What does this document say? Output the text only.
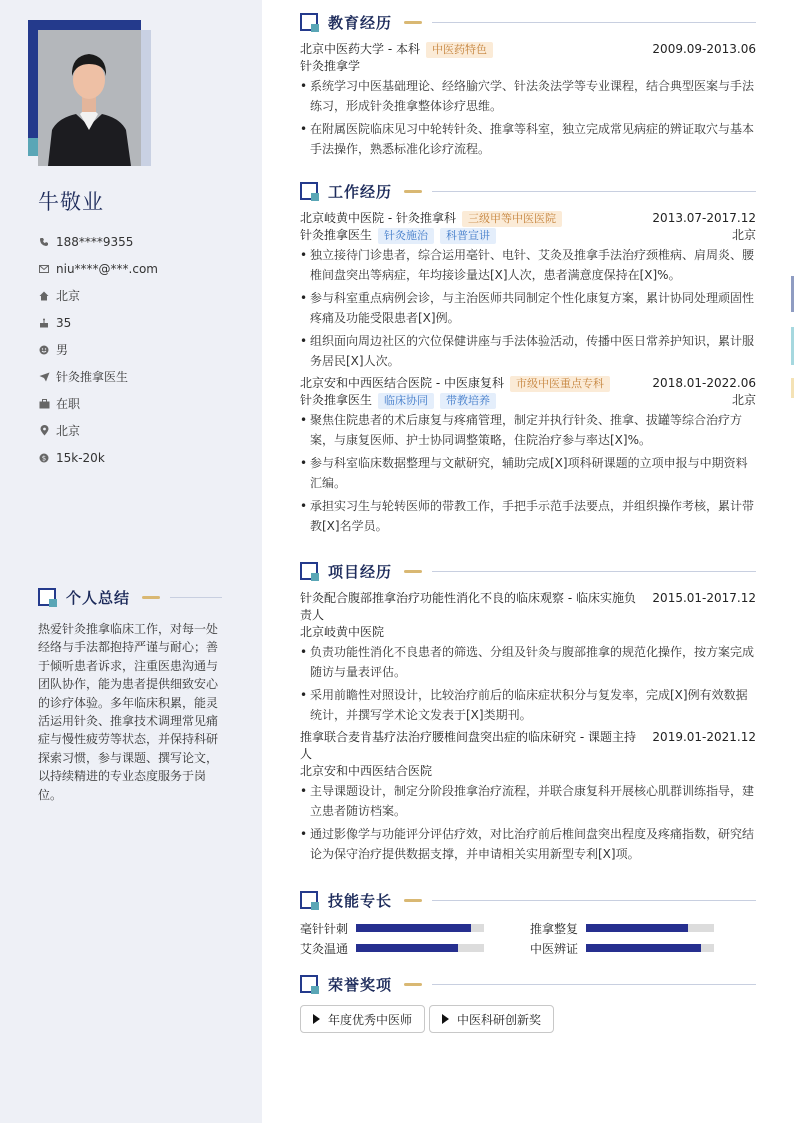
牛敬业
188****9355
niu****@***.com
北京
35
男
针灸推拿医生
在职
北京
$ 15k-20k
个人总结
热爱针灸推拿临床工作，对每一处经络与手法都抱持严谨与耐心；善于倾听患者诉求，注重医患沟通与团队协作，能为患者提供细致安心的诊疗体验。多年临床积累，能灵活运用针灸、推拿技术调理常见痛症与慢性疲劳等状态，并保持科研探索习惯，参与课题、撰写论文，以持续精进的专业态度服务于岗位。
教育经历
北京中医药大学 - 本科 中医药特色	2009.09-2013.06
针灸推拿学
• 系统学习中医基础理论、经络腧穴学、针法灸法学等专业课程，结合典型医案与手法练习，形成针灸推拿整体诊疗思维。
• 在附属医院临床见习中轮转针灸、推拿等科室，独立完成常见病症的辨证取穴与基本手法操作，熟悉标准化诊疗流程。
工作经历
北京岐黄中医院 - 针灸推拿科 三级甲等中医医院	2013.07-2017.12
针灸推拿医生 针灸施治 科普宣讲	北京
• 独立接待门诊患者，综合运用毫针、电针、艾灸及推拿手法治疗颈椎病、肩周炎、腰椎间盘突出等病症，年均接诊量达[X]人次，患者满意度保持在[X]%。
• 参与科室重点病例会诊，与主治医师共同制定个性化康复方案，累计协同处理顽固性疼痛及功能受限患者[X]例。
• 组织面向周边社区的穴位保健讲座与手法体验活动，传播中医日常养护知识，累计服务居民[X]人次。
北京安和中西医结合医院 - 中医康复科 市级中医重点专科	2018.01-2022.06
针灸推拿医生 临床协同 带教培养	北京
• 聚焦住院患者的术后康复与疼痛管理，制定并执行针灸、推拿、拔罐等综合治疗方案，与康复医师、护士协同调整策略，住院治疗参与率达[X]%。
• 参与科室临床数据整理与文献研究，辅助完成[X]项科研课题的立项申报与中期资料汇编。
• 承担实习生与轮转医师的带教工作，手把手示范手法要点，并组织操作考核，累计带教[X]名学员。
项目经历
针灸配合腹部推拿治疗功能性消化不良的临床观察 - 临床实施负责人
2015.01-2017.12
北京岐黄中医院
• 负责功能性消化不良患者的筛选、分组及针灸与腹部推拿的规范化操作，按方案完成随访与量表评估。
• 采用前瞻性对照设计，比较治疗前后的临床症状积分与复发率，完成[X]例有效数据统计，并撰写学术论文发表于[X]类期刊。
推拿联合麦肯基疗法治疗腰椎间盘突出症的临床研究 - 课题主持人
2019.01-2021.12
北京安和中西医结合医院
• 主导课题设计，制定分阶段推拿治疗流程，并联合康复科开展核心肌群训练指导，建立患者随访档案。
• 通过影像学与功能评分评估疗效，对比治疗前后椎间盘突出程度及疼痛指数，研究结论为保守治疗提供数据支撑，并申请相关实用新型专利[X]项。
技能专长
毫针针刺	推拿整复
艾灸温通	中医辨证
荣誉奖项
年度优秀中医师	中医科研创新奖
